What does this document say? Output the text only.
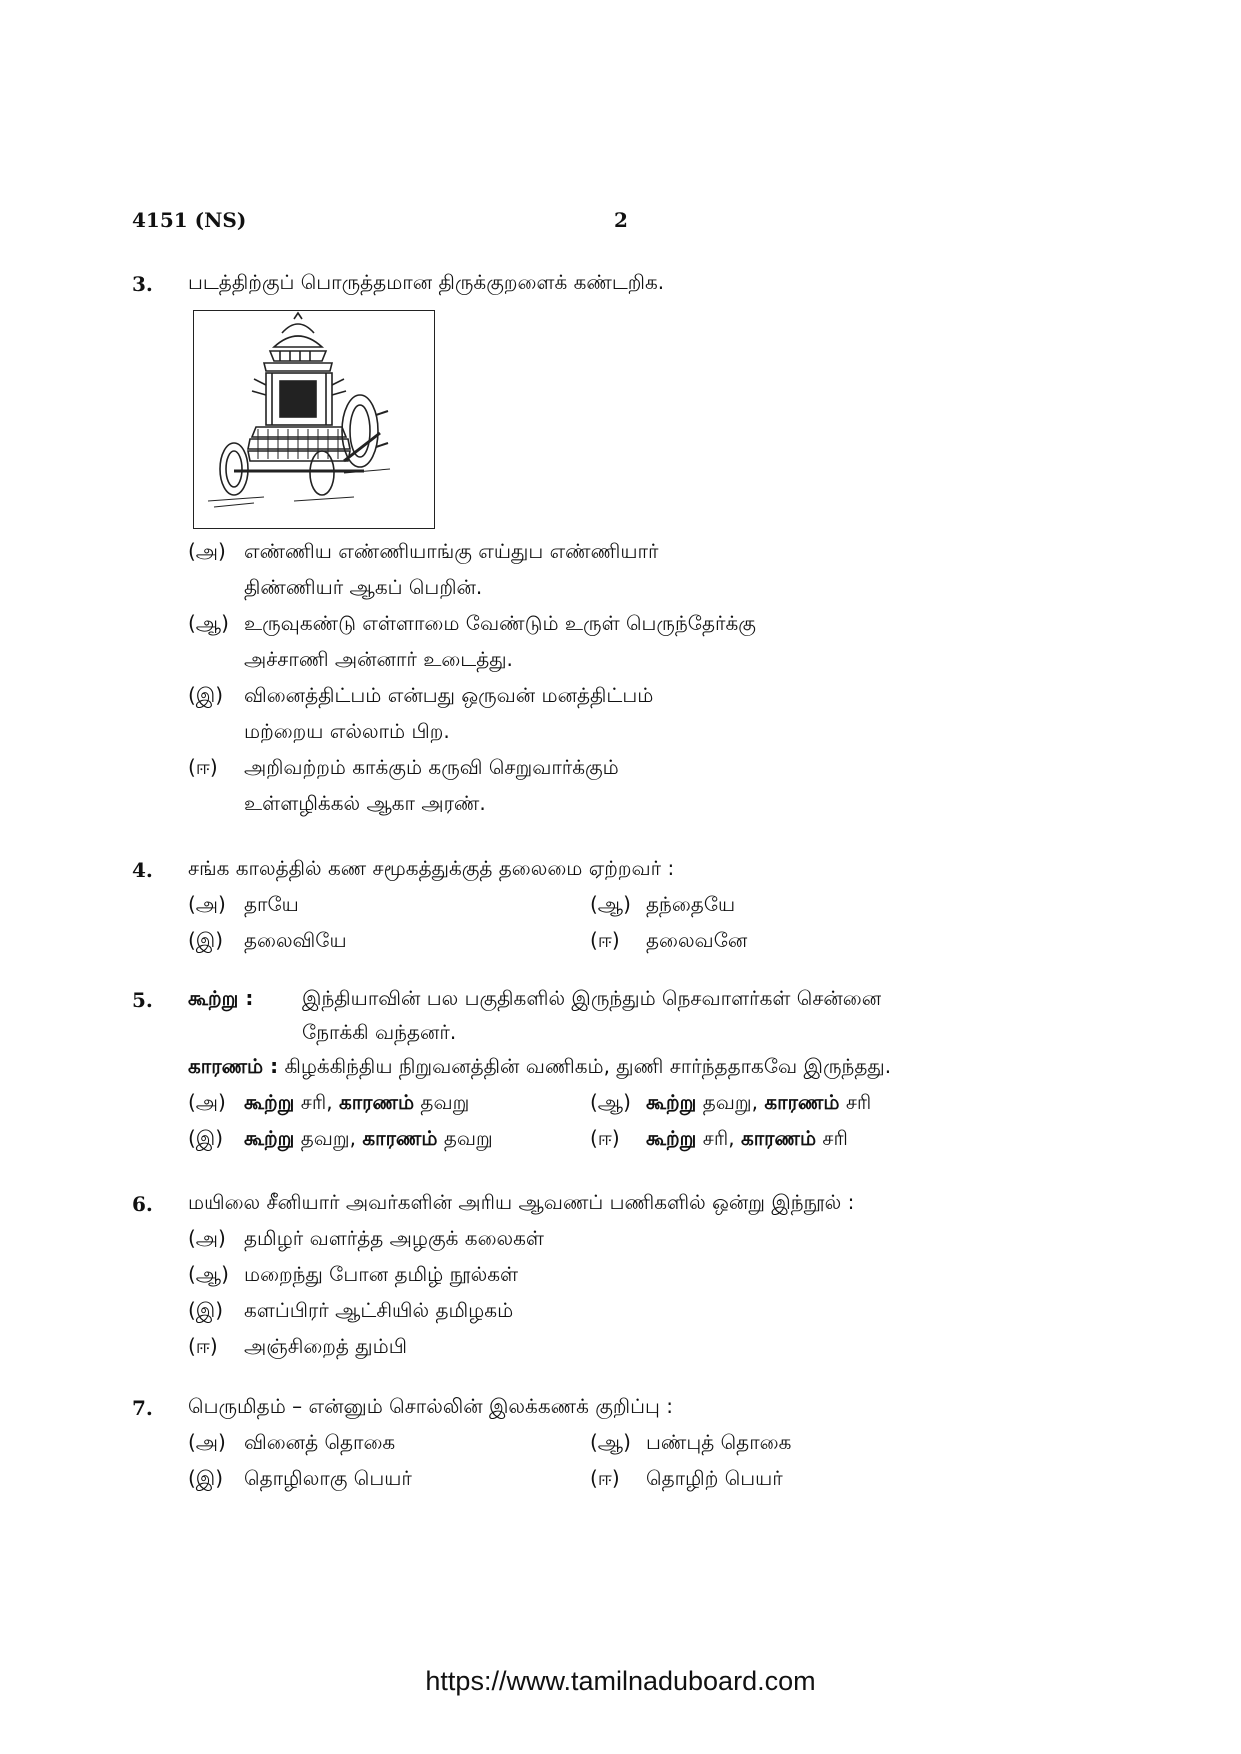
4151 (NS)	2
3. படத்திற்குப் பொருத்தமான திருக்குறளைக் கண்டறிக.
(அ) எண்ணிய எண்ணியாங்கு எய்துப எண்ணியார்
திண்ணியர் ஆகப் பெறின்.
(ஆ) உருவுகண்டு எள்ளாமை வேண்டும் உருள் பெருந்தேர்க்கு
அச்சாணி அன்னார் உடைத்து.
(இ) வினைத்திட்பம் என்பது ஒருவன் மனத்திட்பம்
மற்றைய எல்லாம் பிற.
(ஈ) அறிவற்றம் காக்கும் கருவி செறுவார்க்கும்
உள்ளழிக்கல் ஆகா அரண்.
4. சங்க காலத்தில் கண சமூகத்துக்குத் தலைமை ஏற்றவர் :
(அ) தாயே	(ஆ) தந்தையே
(இ) தலைவியே	(ஈ) தலைவனே
5. கூற்று : இந்தியாவின் பல பகுதிகளில் இருந்தும் நெசவாளர்கள் சென்னை
நோக்கி வந்தனர்.
காரணம் : கிழக்கிந்திய நிறுவனத்தின் வணிகம், துணி சார்ந்ததாகவே இருந்தது.
(அ) கூற்று சரி, காரணம் தவறு	(ஆ) கூற்று தவறு, காரணம் சரி
(இ) கூற்று தவறு, காரணம் தவறு	(ஈ) கூற்று சரி, காரணம் சரி
6. மயிலை சீனியார் அவர்களின் அரிய ஆவணப் பணிகளில் ஒன்று இந்நூல் :
(அ) தமிழர் வளர்த்த அழகுக் கலைகள்
(ஆ) மறைந்து போன தமிழ் நூல்கள்
(இ) களப்பிரர் ஆட்சியில் தமிழகம்
(ஈ) அஞ்சிறைத் தும்பி
7. பெருமிதம் – என்னும் சொல்லின் இலக்கணக் குறிப்பு :
(அ) வினைத் தொகை	(ஆ) பண்புத் தொகை
(இ) தொழிலாகு பெயர்	(ஈ) தொழிற் பெயர்
https://www.tamilnaduboard.com
